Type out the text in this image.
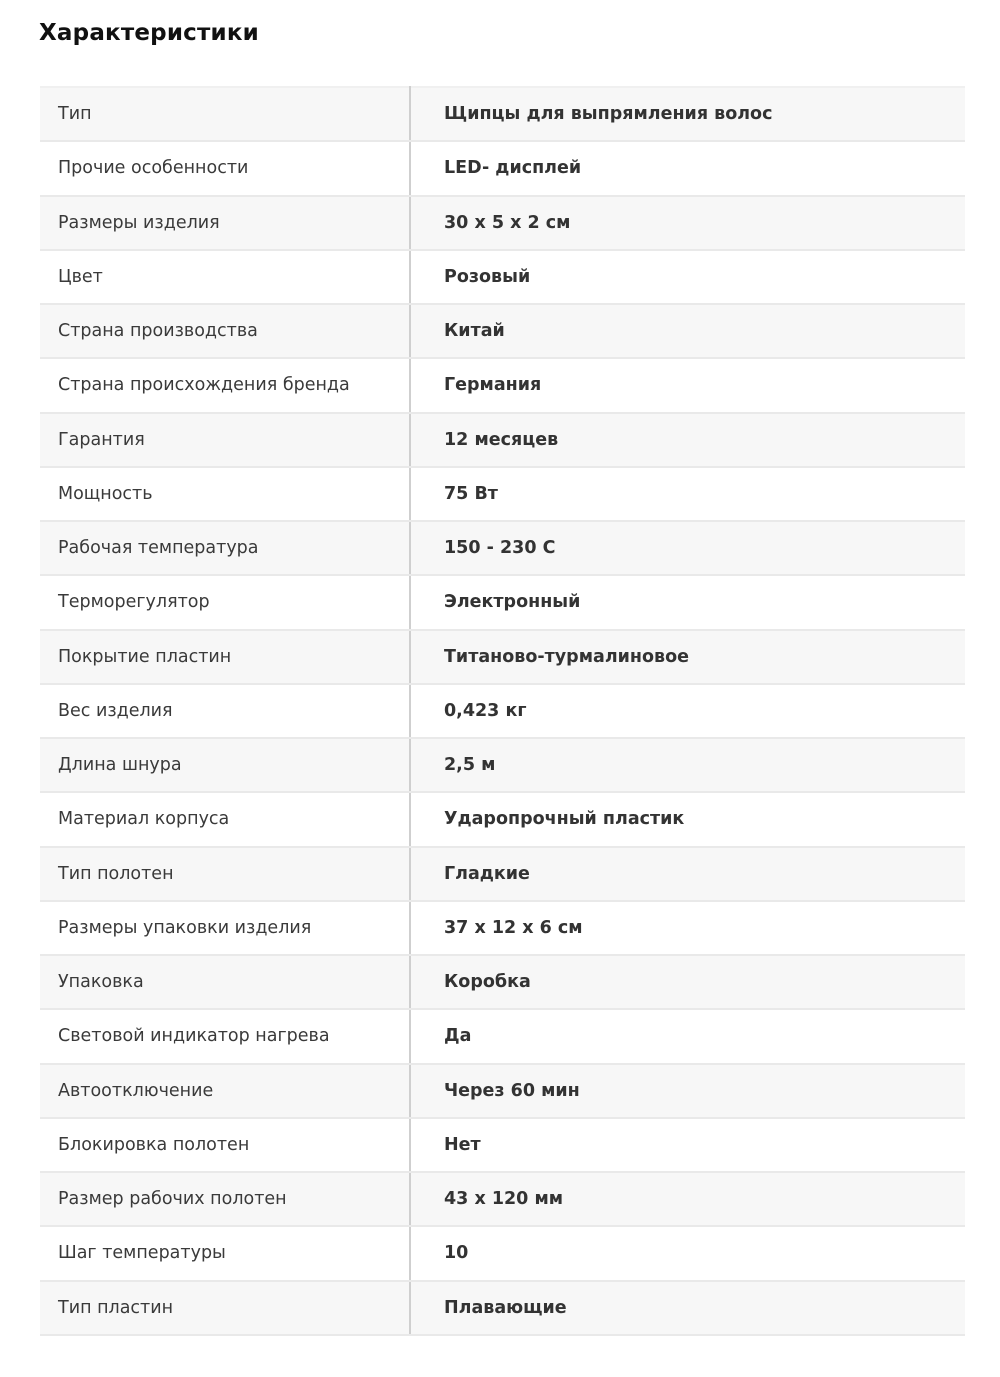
Характеристики
Тип	Щипцы для выпрямления волос
Прочие особенности	LED- дисплей
Размеры изделия	30 х 5 х 2 см
Цвет	Розовый
Страна производства	Китай
Страна происхождения бренда	Германия
Гарантия	12 месяцев
Мощность	75 Вт
Рабочая температура	150 - 230 С
Терморегулятор	Электронный
Покрытие пластин	Титаново-турмалиновое
Вес изделия	0,423 кг
Длина шнура	2,5 м
Материал корпуса	Ударопрочный пластик
Тип полотен	Гладкие
Размеры упаковки изделия	37 х 12 х 6 см
Упаковка	Коробка
Световой индикатор нагрева	Да
Автоотключение	Через 60 мин
Блокировка полотен	Нет
Размер рабочих полотен	43 х 120 мм
Шаг температуры	10
Тип пластин	Плавающие
